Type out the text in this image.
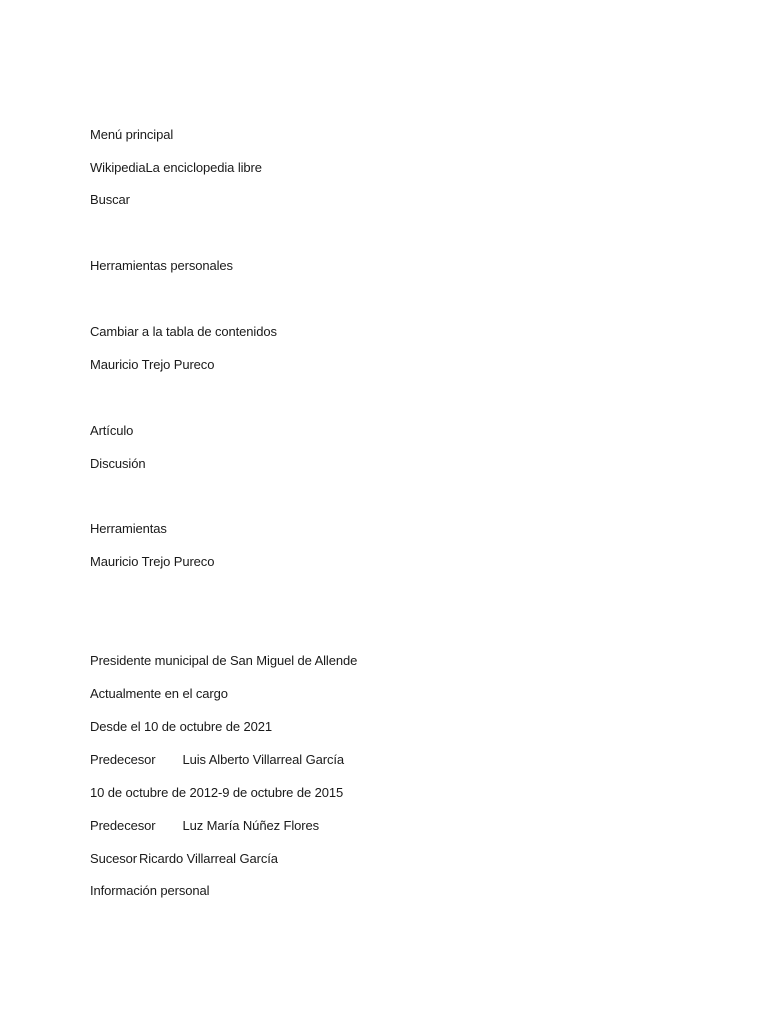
Menú principal
WikipediaLa enciclopedia libre
Buscar
Herramientas personales
Cambiar a la tabla de contenidos
Mauricio Trejo Pureco
Artículo
Discusión
Herramientas
Mauricio Trejo Pureco
Presidente municipal de San Miguel de Allende
Actualmente en el cargo
Desde el 10 de octubre de 2021
Predecesor Luis Alberto Villarreal García
10 de octubre de 2012-9 de octubre de 2015
Predecesor Luz María Núñez Flores
Sucesor Ricardo Villarreal García
Información personal
